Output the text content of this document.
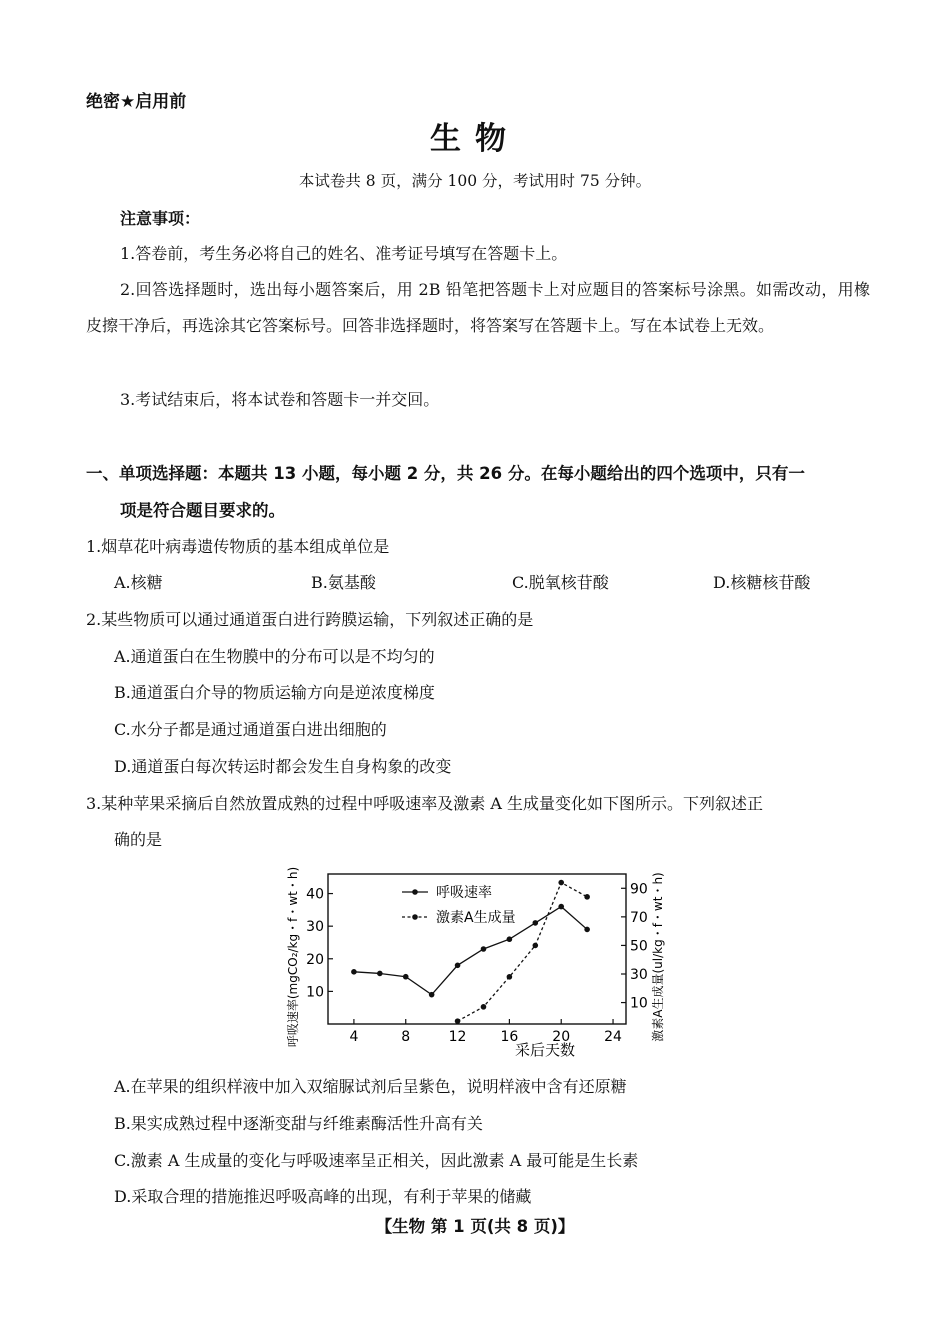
绝密★启用前
生物
本试卷共 8 页，满分 100 分，考试用时 75 分钟。
注意事项：
1.答卷前，考生务必将自己的姓名、准考证号填写在答题卡上。
2.回答选择题时，选出每小题答案后，用 2B 铅笔把答题卡上对应题目的答案标号涂黑。如需改动，用橡皮擦干净后，再选涂其它答案标号。回答非选择题时，将答案写在答题卡上。写在本试卷上无效。
3.考试结束后，将本试卷和答题卡一并交回。
一、单项选择题：本题共 13 小题，每小题 2 分，共 26 分。在每小题给出的四个选项中，只有一
项是符合题目要求的。
1.烟草花叶病毒遗传物质的基本组成单位是
A.核糖	B.氨基酸	C.脱氧核苷酸	D.核糖核苷酸
2.某些物质可以通过通道蛋白进行跨膜运输，下列叙述正确的是
A.通道蛋白在生物膜中的分布可以是不均匀的
B.通道蛋白介导的物质运输方向是逆浓度梯度
C.水分子都是通过通道蛋白进出细胞的
D.通道蛋白每次转运时都会发生自身构象的改变
3.某种苹果采摘后自然放置成熟的过程中呼吸速率及激素 A 生成量变化如下图所示。下列叙述正
确的是
4	8	12 16 20 24
10
20
30
40
10
30
50
70
90
呼吸速率
激素A生成量
采后天数
呼吸速率(mgCO₂/kg・f・wt・h)	激素A生成量(ul/kg・f・wt・h)
A.在苹果的组织样液中加入双缩脲试剂后呈紫色，说明样液中含有还原糖
B.果实成熟过程中逐渐变甜与纤维素酶活性升高有关
C.激素 A 生成量的变化与呼吸速率呈正相关，因此激素 A 最可能是生长素
D.采取合理的措施推迟呼吸高峰的出现，有利于苹果的储藏
【生物 第 1 页(共 8 页)】
